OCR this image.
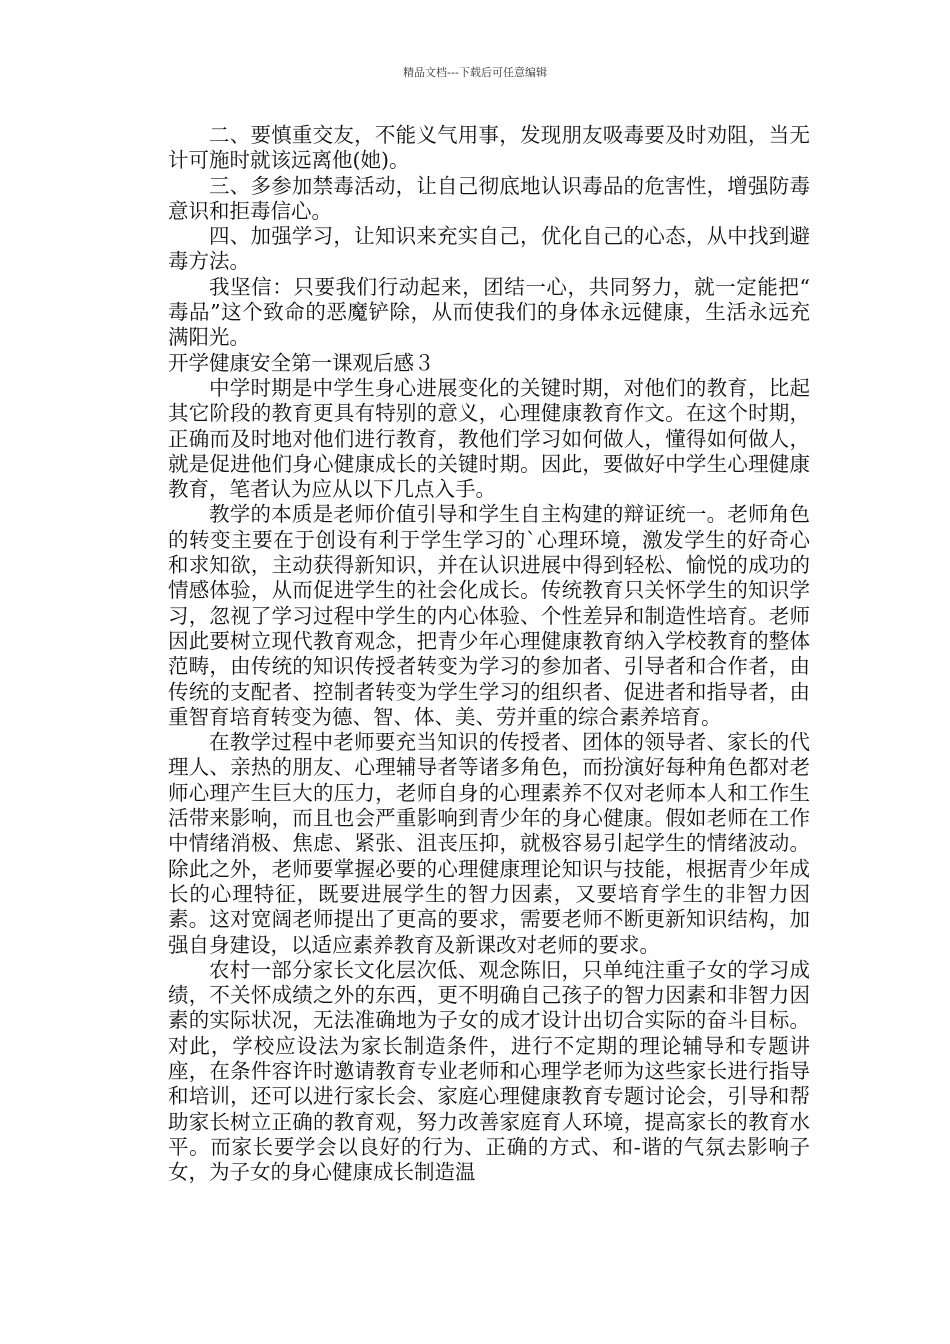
精品文档---下载后可任意编辑

二、要慎重交友，不能义气用事，发现朋友吸毒要及时劝阻，当无计可施时就该远离他(她)。

三、多参加禁毒活动，让自己彻底地认识毒品的危害性，增强防毒意识和拒毒信心。

四、加强学习，让知识来充实自己，优化自己的心态，从中找到避毒方法。

我坚信：只要我们行动起来，团结一心，共同努力，就一定能把“ 毒品”这个致命的恶魔铲除，从而使我们的身体永远健康，生活永远充满阳光。

开学健康安全第一课观后感３

中学时期是中学生身心进展变化的关键时期，对他们的教育，比起其它阶段的教育更具有特别的意义，心理健康教育作文。在这个时期，正确而及时地对他们进行教育，教他们学习如何做人，懂得如何做人，就是促进他们身心健康成长的关键时期。因此，要做好中学生心理健康教育，笔者认为应从以下几点入手。

教学的本质是老师价值引导和学生自主构建的辩证统一。老师角色的转变主要在于创设有利于学生学习的`心理环境，激发学生的好奇心和求知欲，主动获得新知识，并在认识进展中得到轻松、愉悦的成功的情感体验，从而促进学生的社会化成长。传统教育只关怀学生的知识学习，忽视了学习过程中学生的内心体验、个性差异和制造性培育。老师因此要树立现代教育观念，把青少年心理健康教育纳入学校教育的整体范畴，由传统的知识传授者转变为学习的参加者、引导者和合作者，由传统的支配者、控制者转变为学生学习的组织者、促进者和指导者，由重智育培育转变为德、智、体、美、劳并重的综合素养培育。

在教学过程中老师要充当知识的传授者、团体的领导者、家长的代理人、亲热的朋友、心理辅导者等诸多角色，而扮演好每种角色都对老师心理产生巨大的压力，老师自身的心理素养不仅对老师本人和工作生活带来影响，而且也会严重影响到青少年的身心健康。假如老师在工作中情绪消极、焦虑、紧张、沮丧压抑，就极容易引起学生的情绪波动。除此之外，老师要掌握必要的心理健康理论知识与技能，根据青少年成长的心理特征，既要进展学生的智力因素，又要培育学生的非智力因素。这对宽阔老师提出了更高的要求，需要老师不断更新知识结构，加强自身建设，以适应素养教育及新课改对老师的要求。

农村一部分家长文化层次低、观念陈旧，只单纯注重子女的学习成绩，不关怀成绩之外的东西，更不明确自己孩子的智力因素和非智力因素的实际状况，无法准确地为子女的成才设计出切合实际的奋斗目标。对此，学校应设法为家长制造条件，进行不定期的理论辅导和专题讲座，在条件容许时邀请教育专业老师和心理学老师为这些家长进行指导和培训，还可以进行家长会、家庭心理健康教育专题讨论会，引导和帮助家长树立正确的教育观，努力改善家庭育人环境，提高家长的教育水平。而家长要学会以良好的行为、正确的方式、和-谐的气氛去影响子女，为子女的身心健康成长制造温
